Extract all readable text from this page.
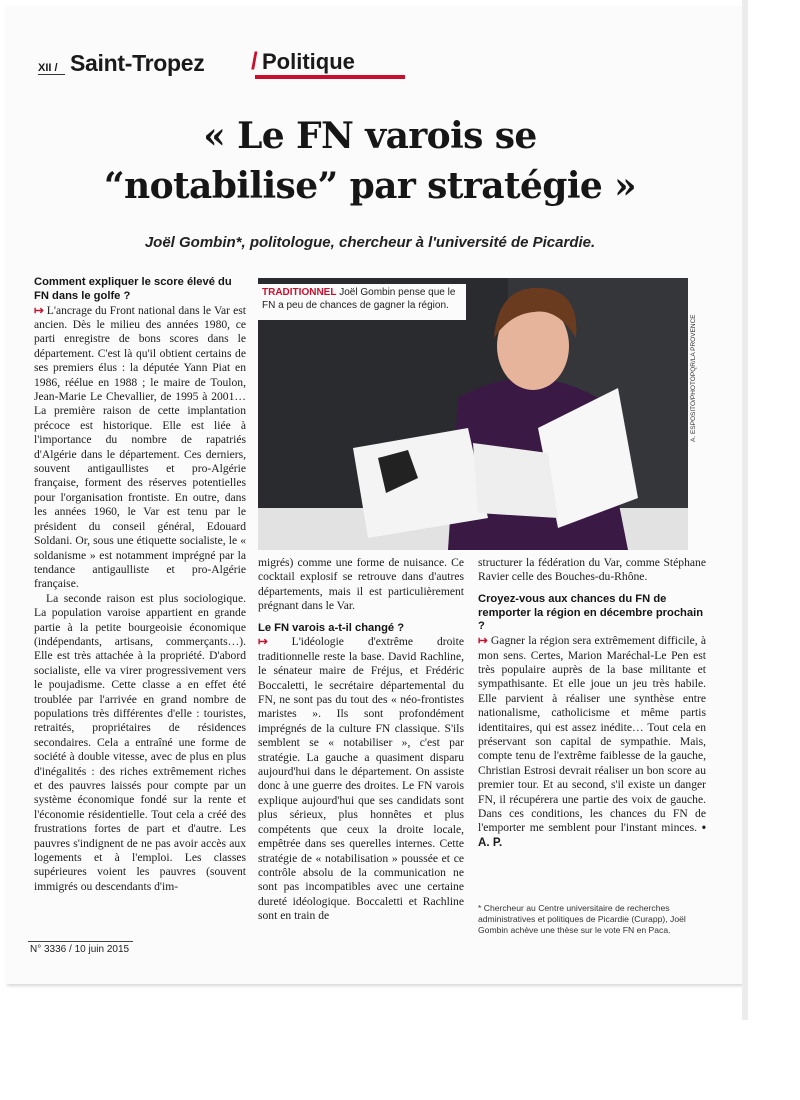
XII / Saint-Tropez / Politique
« Le FN varois se
“notabilise” par stratégie »
Joël Gombin*, politologue, chercheur à l'université de Picardie.

Comment expliquer le score élevé du FN dans le golfe ?

↦ L'ancrage du Front national dans le Var est ancien. Dès le milieu des années 1980, ce parti enregistre de bons scores dans le département. C'est là qu'il obtient certains de ses premiers élus : la députée Yann Piat en 1986, réélue en 1988 ; le maire de Toulon, Jean-Marie Le Chevallier, de 1995 à 2001… La première raison de cette implantation précoce est historique. Elle est liée à l'importance du nombre de rapatriés d'Algérie dans le département. Ces derniers, souvent antigaullistes et pro-Algérie française, forment des réserves potentielles pour l'organisation frontiste. En outre, dans les années 1960, le Var est tenu par le président du conseil général, Edouard Soldani. Or, sous une étiquette socialiste, le « soldanisme » est notamment imprégné par la tendance antigaulliste et pro-Algérie française.

La seconde raison est plus sociologique. La population varoise appartient en grande partie à la petite bourgeoisie économique (indépendants, artisans, commerçants…). Elle est très attachée à la propriété. D'abord socialiste, elle va virer progressivement vers le poujadisme. Cette classe a en effet été troublée par l'arrivée en grand nombre de populations très différentes d'elle : touristes, retraités, propriétaires de résidences secondaires. Cela a entraîné une forme de société à double vitesse, avec de plus en plus d'inégalités : des riches extrêmement riches et des pauvres laissés pour compte par un système économique fondé sur la rente et l'économie résidentielle. Tout cela a créé des frustrations fortes de part et d'autre. Les pauvres s'indignent de ne pas avoir accès aux logements et à l'emploi. Les classes supérieures voient les pauvres (souvent immigrés ou descendants d'im-

A. ESPOSITO/PHOTOPQR/LA PROVENCE
TRADITIONNEL Joël Gombin pense que le FN a peu de chances de gagner la région.

migrés) comme une forme de nuisance. Ce cocktail explosif se retrouve dans d'autres départements, mais il est particulièrement prégnant dans le Var.

Le FN varois a-t-il changé ?

↦ L'idéologie d'extrême droite traditionnelle reste la base. David Rachline, le sénateur maire de Fréjus, et Frédéric Boccaletti, le secrétaire départemental du FN, ne sont pas du tout des « néo-frontistes maristes ». Ils sont profondément imprégnés de la culture FN classique. S'ils semblent se « notabiliser », c'est par stratégie. La gauche a quasiment disparu aujourd'hui dans le département. On assiste donc à une guerre des droites. Le FN varois explique aujourd'hui que ses candidats sont plus sérieux, plus honnêtes et plus compétents que ceux la droite locale, empêtrée dans ses querelles internes. Cette stratégie de « notabilisation » poussée et ce contrôle absolu de la communication ne sont pas incompatibles avec une certaine dureté idéologique. Boccaletti et Rachline sont en train de

structurer la fédération du Var, comme Stéphane Ravier celle des Bouches-du-Rhône.

Croyez-vous aux chances du FN de remporter la région en décembre prochain ?

↦ Gagner la région sera extrêmement difficile, à mon sens. Certes, Marion Maréchal-Le Pen est très populaire auprès de la base militante et sympathisante. Et elle joue un jeu très habile. Elle parvient à réaliser une synthèse entre nationalisme, catholicisme et même partis identitaires, qui est assez inédite… Tout cela en préservant son capital de sympathie. Mais, compte tenu de l'extrême faiblesse de la gauche, Christian Estrosi devrait réaliser un bon score au premier tour. Et au second, s'il existe un danger FN, il récupérera une partie des voix de gauche. Dans ces conditions, les chances du FN de l'emporter me semblent pour l'instant minces. • A. P.

* Chercheur au Centre universitaire de recherches administratives et politiques de Picardie (Curapp), Joël Gombin achève une thèse sur le vote FN en Paca.
N° 3336 / 10 juin 2015
